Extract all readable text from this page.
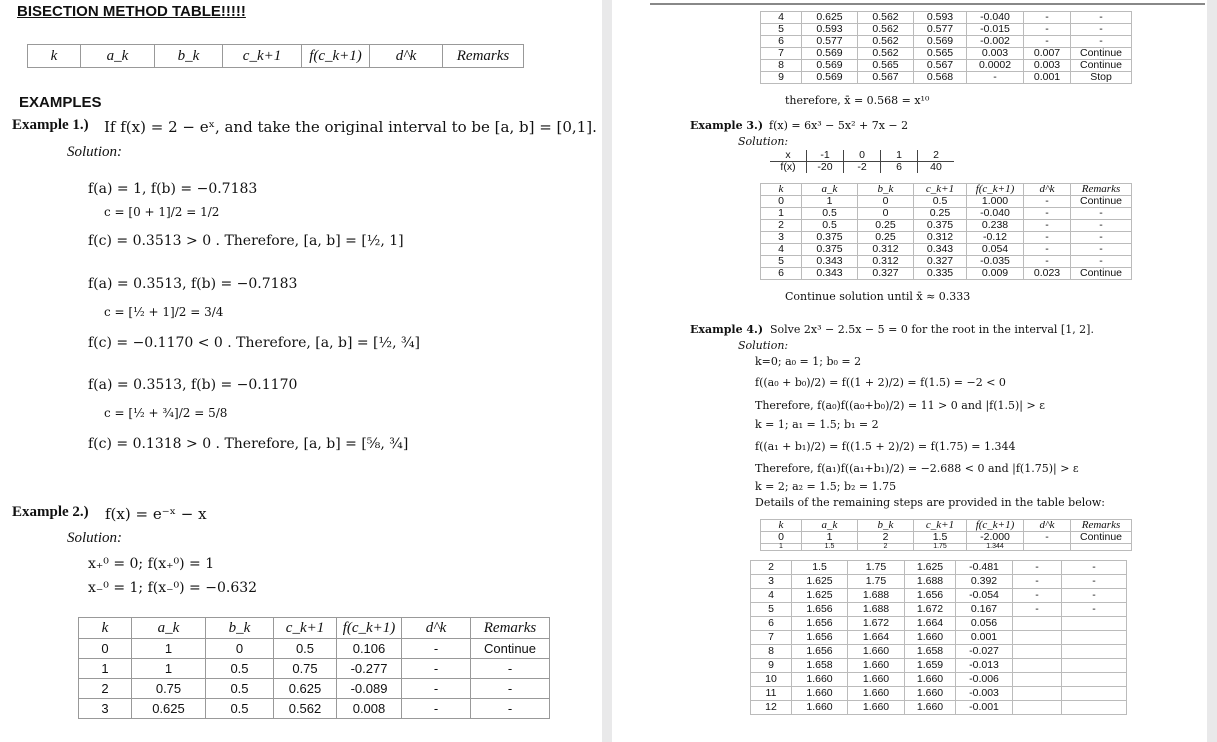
BISECTION METHOD TABLE!!!!!
k	a_k	b_k	c_k+1	f(c_k+1)	d^k	Remarks
EXAMPLES
Example 1.) If f(x) = 2 − eˣ, and take the original interval to be [a, b] = [0,1].
Solution:
f(a) = 1, f(b) = −0.7183
c = [0 + 1]/2 = 1/2
f(c) = 0.3513 > 0 . Therefore, [a, b] = [½, 1]
f(a) = 0.3513, f(b) = −0.7183
c = [½ + 1]/2 = 3/4
f(c) = −0.1170 < 0 . Therefore, [a, b] = [½, ¾]
f(a) = 0.3513, f(b) = −0.1170
c = [½ + ¾]/2 = 5/8
f(c) = 0.1318 > 0 . Therefore, [a, b] = [⅝, ¾]
Example 2.) f(x) = e⁻ˣ − x
Solution:
x₊⁰ = 0; f(x₊⁰) = 1
x₋⁰ = 1; f(x₋⁰) = −0.632
k	a_k	b_k	c_k+1	f(c_k+1)	d^k	Remarks
0	1	0	0.5	0.106	-	Continue
1	1	0.5	0.75	-0.277	-	-
2	0.75	0.5	0.625	-0.089	-	-
3	0.625	0.5	0.562	0.008	-	-
4	0.625	0.562	0.593	-0.040	-	-
5	0.593	0.562	0.577	-0.015	-	-
6	0.577	0.562	0.569	-0.002	-	-
7	0.569	0.562	0.565	0.003	0.007	Continue
8	0.569	0.565	0.567	0.0002	0.003	Continue
9	0.569	0.567	0.568	-	0.001	Stop
therefore, x̄ = 0.568 = x¹⁰
Example 3.) f(x) = 6x³ − 5x² + 7x − 2
Solution:
x	-1	0	1	2
f(x)	-20	-2	6	40
k	a_k	b_k	c_k+1	f(c_k+1)	d^k	Remarks
0	1	0	0.5	1.000	-	Continue
1	0.5	0	0.25	-0.040	-	-
2	0.5	0.25	0.375	0.238	-	-
3	0.375	0.25	0.312	-0.12	-	-
4	0.375	0.312	0.343	0.054	-	-
5	0.343	0.312	0.327	-0.035	-	-
6	0.343	0.327	0.335	0.009	0.023	Continue
Continue solution until x̄ ≈ 0.333
Example 4.) Solve 2x³ − 2.5x − 5 = 0 for the root in the interval [1, 2].
Solution:
k=0; a₀ = 1; b₀ = 2
f((a₀ + b₀)/2) = f((1 + 2)/2) = f(1.5) = −2 < 0
Therefore, f(a₀)f((a₀+b₀)/2) = 11 > 0 and |f(1.5)| > ε
k = 1; a₁ = 1.5; b₁ = 2
f((a₁ + b₁)/2) = f((1.5 + 2)/2) = f(1.75) = 1.344
Therefore, f(a₁)f((a₁+b₁)/2) = −2.688 < 0 and |f(1.75)| > ε
k = 2; a₂ = 1.5; b₂ = 1.75
Details of the remaining steps are provided in the table below:
k	a_k	b_k	c_k+1	f(c_k+1)	d^k	Remarks
0	1	2	1.5	-2.000	-	Continue
1	1.5	2	1.75	1.344		
2	1.5	1.75	1.625	-0.481	-	-
3	1.625	1.75	1.688	0.392	-	-
4	1.625	1.688	1.656	-0.054	-	-
5	1.656	1.688	1.672	0.167	-	-
6	1.656	1.672	1.664	0.056		
7	1.656	1.664	1.660	0.001		
8	1.656	1.660	1.658	-0.027		
9	1.658	1.660	1.659	-0.013		
10	1.660	1.660	1.660	-0.006		
11	1.660	1.660	1.660	-0.003		
12	1.660	1.660	1.660	-0.001		
